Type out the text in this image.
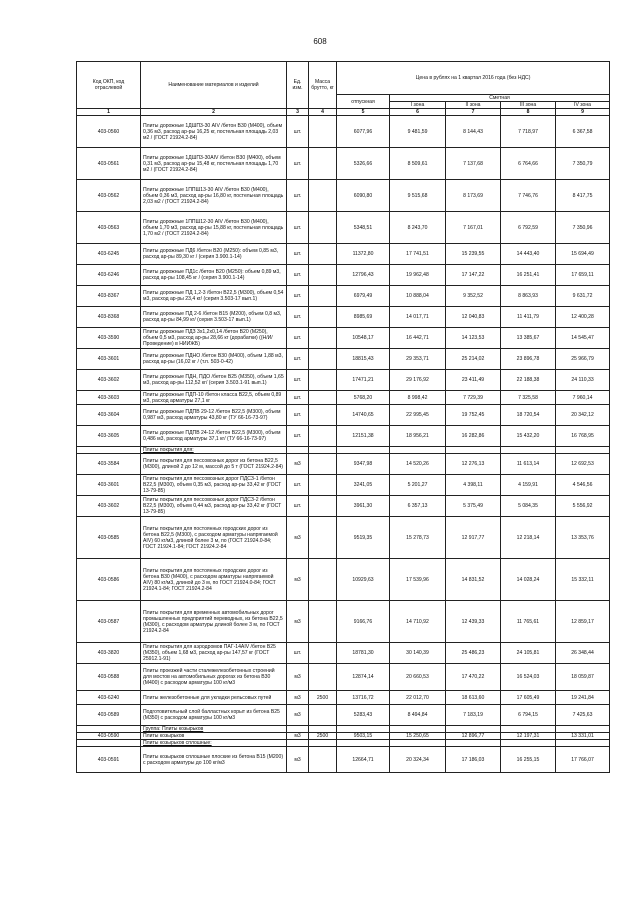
608
Код ОКП, код отраслевой	Наименование материалов и изделий	Ед. изм.	Масса брутто, кг	Цена в рублях на 1 квартал 2016 года (без НДС)				
				отпускная	Сметная			
					I зона	II зона	III зона	IV зона
1	2	3	4	5	6	7	8	9
403-0560	Плиты дорожные 1ДШП3-30 AIV /бетон В30 (М400), объем 0,36 м3, расход ар-ры 16,25 кг, постельная площадь 2,03 м2 / (ГОСТ 21924.2-84)	шт.		6077,96	9 481,59	8 144,43	7 718,97	6 367,58
403-0561	Плиты дорожные 1ДШП3-30AIV /бетон В30 (М400), объем 0,31 м3, расход ар-ры 15,48 кг, постельная площадь 1,70 м2 / (ГОСТ 21924.2-84)	шт.		5326,66	8 509,61	7 137,68	6 764,66	7 350,79
403-0562	Плиты дорожные 1ППШ13-30 AIV /бетон В30 (М400), объем 0,36 м3, расход ар-ры 16,80 кг, постельная площадь 2,03 м2 / (ГОСТ 21924.2-84)	шт.		6090,80	9 515,68	8 173,69	7 746,76	8 417,75
403-0563	Плиты дорожные 1ППШ12-30 AIV /бетон В30 (М400), объем 1,70 м3, расход ар-ры 15,88 кг, постельная площадь 1,70 м2 / (ГОСТ 21924.2-84)	шт.		5348,51	8 243,70	7 167,01	6 792,59	7 350,96
403-6245	Плиты дорожные ПД6 /бетон В20 (М250): объем 0,85 м3, расход ар-ры 89,30 кг / (серия 3.900.1-14)	шт.		11372,80	17 741,51	15 239,55	14 443,40	15 694,49
403-6246	Плиты дорожные ПД1с /бетон В20 (М250): объем 0,89 м3, расход ар-ры 108,45 кг / (серия 3.900.1-14)	шт.		12796,43	19 962,48	17 147,22	16 251,41	17 659,11
403-8367	Плиты дорожные ПД 1,2-3 /бетон В22,5 (М300), объем 0,54 м3, расход ар-ры 23,4 кг/ (серия 3.503-17 вып.1)	шт.		6979,49	10 888,04	9 352,52	8 863,93	9 631,72
403-8368	Плиты дорожные ПД 2-6 /бетон В15 (М200), объем 0,8 м3, расход ар-ры 84,99 кг/ (серия 3.503-17 вып.1)	шт.		8985,69	14 017,71	12 040,83	11 411,79	12 400,28
403-3590	Плиты дорожные ПДЗ 3х1,2х0,14 /бетон В20 (М250), объем 0,5 м3, расход ар-ры 28,66 кг (дорабатки) ((Н/И/Проведение) в НИИЖБ)	шт.		10548,17	16 442,71	14 123,53	13 385,67	14 545,47
403-3601	Плиты дорожные ПДНО /бетон В30 (М400), объем 1,88 м3, расход ар-ры (16,02 кг / (т.п. 503-0-42)	шт.		18815,43	29 353,71	25 214,02	23 896,78	25 966,79
403-3602	Плиты дорожные ПДН, ПДО /бетон В25 (М350), объем 1,65 м3, расход ар-ры 112,52 кг/ (серия 3.503.1-91 вып.1)	шт.		17471,21	29 176,92	23 411,49	22 188,38	24 110,33
403-3603	Плиты дорожные ПДП-10 /бетон класса В22,5, объем 0,89 м3, расход арматуры 27,1 кг	шт.		5768,20	8 998,42	7 729,39	7 325,58	7 960,14
403-3604	Плиты дорожные ПДПВ 29-12 /бетон В22,5 (М300), объем 0,987 м3, расход арматуры 43,80 кг (ТУ 66-16-73-97)	шт.		14740,65	22 995,45	19 752,45	18 720,54	20 342,12
403-3605	Плиты дорожные ПДПВ 24-12 /бетон В22,5 (М300), объем 0,486 м3, расход арматуры 37,1 кг/ (ТУ 66-16-73-97)	шт.		12151,38	18 956,21	16 282,86	15 432,20	16 768,95
	Плиты покрытия для:							
403-3584	Плиты покрытия для пессовозных дорог из бетона В22,5 (М300), длиной 2 до 12 м, массой до 5 т (ГОСТ 21924.2-84)	м3		9347,98	14 520,26	12 276,13	11 613,14	12 692,53
403-3601	Плиты покрытия для пессовозных дорог ПДСЗ-1 /бетон В22,5 (М300), объем 0,35 м3, расход ар-ры 33,42 кг (ГОСТ 13-79-85)	шт.		3241,05	5 201,27	4 398,11	4 159,91	4 546,56
403-3602	Плиты покрытия для пессовозных дорог ПДСЗ-2 /бетон В22,5 (М300), объем 0,44 м3, расход ар-ры 33,42 кг (ГОСТ 13-79-85)	шт.		3961,30	6 357,13	5 375,49	5 084,35	5 556,92
403-0585	Плиты покрытия для постоянных городских дорог из бетона В22,5 (М300), с расходом арматуры напрягаемой AIV) 60 кг/м3, длиной более 3 м, по (ГОСТ 21924.0-84; ГОСТ 21924.1-84; ГОСТ 21924.2-84	м3		9519,35	15 278,73	12 917,77	12 218,14	13 353,76
403-0586	Плиты покрытия для постоянных городских дорог из бетона В30 (М400), с расходом арматуры напрягаемой AIV) 80 кг/м3, длиной до 3 м, по ГОСТ 21924.0-84; ГОСТ 21924.1-84; ГОСТ 21924.2-84	м3		10929,63	17 539,96	14 831,52	14 028,24	15 332,11
403-0587	Плиты покрытия для временных автомобильных дорог промышленных предприятий переводных, из бетона В22,5 (М300), с расходом арматуры длиной более 3 м, по ГОСТ 21924.2-84	м3		9166,76	14 710,92	12 439,33	11 765,61	12 859,17
403-3820	Плиты покрытия для аэродромов ПАГ-14AIV /бетон В25 (М350), объем 1,68 м3, расход ар-ры 147,57 кг (ГОСТ 25912.1-91)	шт.		18781,30	30 140,39	25 486,23	24 105,81	26 348,44
403-0588	Плиты проезжей части сталежелезобетонных строений для мостов на автомобильных дорогах из бетона В30 (М400) с расходом арматуры 100 кг/м3	м3		12874,14	20 660,53	17 470,22	16 524,03	18 059,87
403-6240	Плиты железобетонные для укладки рельсовых путей	м3	2500	13716,72	22 012,70	18 613,60	17 605,49	19 241,84
403-0589	Подготовительный слой балластных корыт из бетона В25 (М350) с расходом арматуры 100 кг/м3	м3		5283,43	8 494,84	7 183,19	6 794,15	7 425,63
	Группа: Плиты козырьков							
403-0590	Плиты козырьков	м3	2500	9503,15	15 250,65	12 896,77	12 197,31	13 331,01
	Плиты козырьков сплошные:							
403-0591	Плиты козырьков сплошные плоские из бетона В15 (М200) с расходом арматуры до 100 кг/м3	м3		12664,71	20 324,34	17 186,03	16 255,15	17 766,07
